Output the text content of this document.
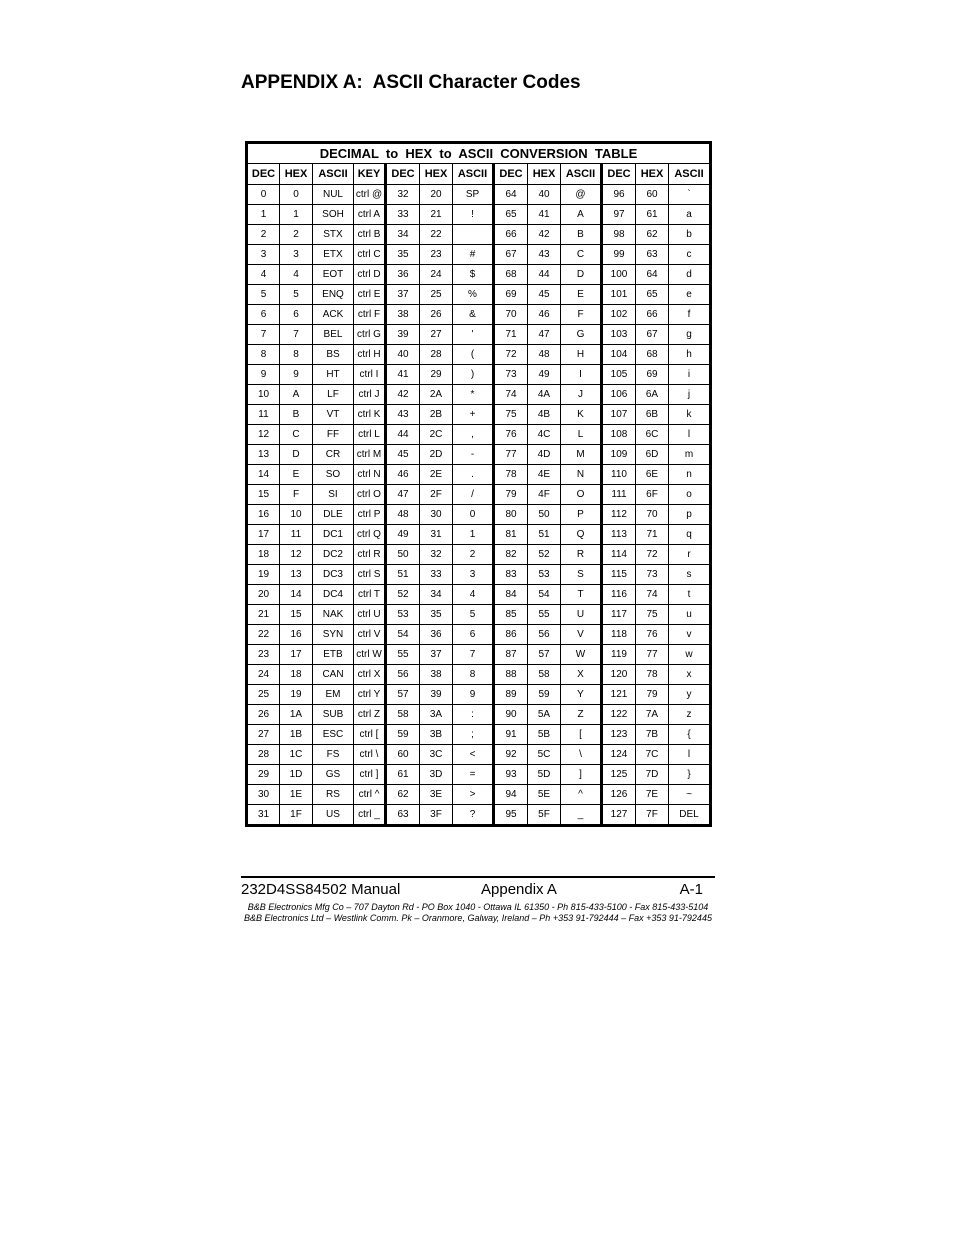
APPENDIX A:  ASCII Character Codes
DECIMAL  to  HEX  to  ASCII  CONVERSION  TABLE												
DEC	HEX	ASCII	KEY	DEC	HEX	ASCII	DEC	HEX	ASCII	DEC	HEX	ASCII
0	0	NUL	ctrl @	32	20	SP	64	40	@	96	60	`
1	1	SOH	ctrl A	33	21	!	65	41	A	97	61	a
2	2	STX	ctrl B	34	22		66	42	B	98	62	b
3	3	ETX	ctrl C	35	23	#	67	43	C	99	63	c
4	4	EOT	ctrl D	36	24	$	68	44	D	100	64	d
5	5	ENQ	ctrl E	37	25	%	69	45	E	101	65	e
6	6	ACK	ctrl F	38	26	&	70	46	F	102	66	f
7	7	BEL	ctrl G	39	27	'	71	47	G	103	67	g
8	8	BS	ctrl H	40	28	(	72	48	H	104	68	h
9	9	HT	ctrl I	41	29	)	73	49	I	105	69	i
10	A	LF	ctrl J	42	2A	*	74	4A	J	106	6A	j
11	B	VT	ctrl K	43	2B	+	75	4B	K	107	6B	k
12	C	FF	ctrl L	44	2C	,	76	4C	L	108	6C	l
13	D	CR	ctrl M	45	2D	-	77	4D	M	109	6D	m
14	E	SO	ctrl N	46	2E	.	78	4E	N	110	6E	n
15	F	SI	ctrl O	47	2F	/	79	4F	O	111	6F	o
16	10	DLE	ctrl P	48	30	0	80	50	P	112	70	p
17	11	DC1	ctrl Q	49	31	1	81	51	Q	113	71	q
18	12	DC2	ctrl R	50	32	2	82	52	R	114	72	r
19	13	DC3	ctrl S	51	33	3	83	53	S	115	73	s
20	14	DC4	ctrl T	52	34	4	84	54	T	116	74	t
21	15	NAK	ctrl U	53	35	5	85	55	U	117	75	u
22	16	SYN	ctrl V	54	36	6	86	56	V	118	76	v
23	17	ETB	ctrl W	55	37	7	87	57	W	119	77	w
24	18	CAN	ctrl X	56	38	8	88	58	X	120	78	x
25	19	EM	ctrl Y	57	39	9	89	59	Y	121	79	y
26	1A	SUB	ctrl Z	58	3A	:	90	5A	Z	122	7A	z
27	1B	ESC	ctrl [	59	3B	;	91	5B	[	123	7B	{
28	1C	FS	ctrl \	60	3C	<	92	5C	\	124	7C	l
29	1D	GS	ctrl ]	61	3D	=	93	5D	]	125	7D	}
30	1E	RS	ctrl ^	62	3E	>	94	5E	^	126	7E	~
31	1F	US	ctrl _	63	3F	?	95	5F	_	127	7F	DEL
232D4SS84502 Manual	Appendix A	A-1
B&B Electronics Mfg Co – 707 Dayton Rd - PO Box 1040 - Ottawa IL 61350 - Ph 815-433-5100 - Fax 815-433-5104
B&B Electronics Ltd – Westlink Comm. Pk – Oranmore, Galway, Ireland – Ph +353 91-792444 – Fax +353 91-792445
